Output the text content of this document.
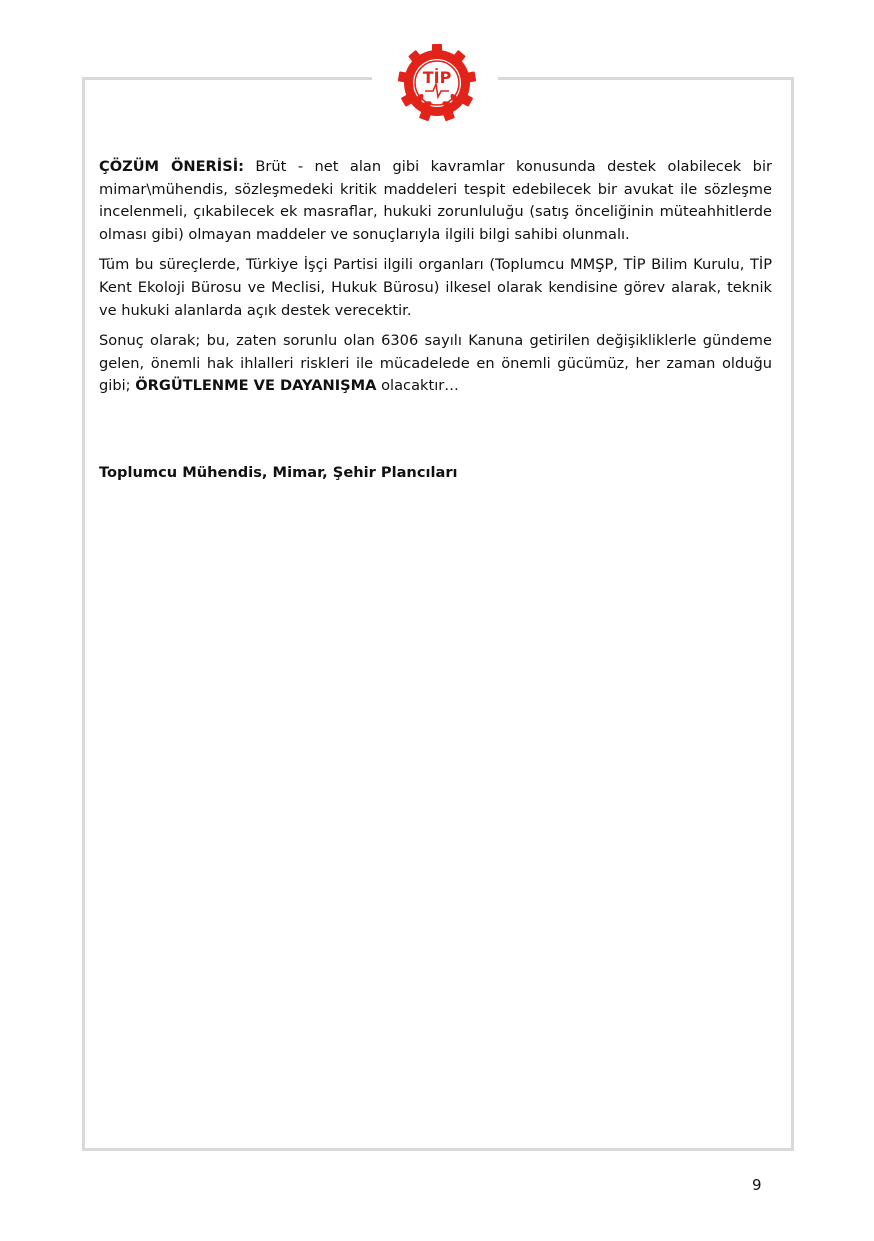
TİP

ÇÖZÜM ÖNERİSİ: Brüt - net alan gibi kavramlar konusunda destek olabilecek bir mimar\mühendis, sözleşmedeki kritik maddeleri tespit edebilecek bir avukat ile sözleşme incelenmeli, çıkabilecek ek masraflar, hukuki zorunluluğu (satış önceliğinin müteahhitlerde olması gibi) olmayan maddeler ve sonuçlarıyla ilgili bilgi sahibi olunmalı.

Tüm bu süreçlerde, Türkiye İşçi Partisi ilgili organları (Toplumcu MMŞP, TİP Bilim Kurulu, TİP Kent Ekoloji Bürosu ve Meclisi, Hukuk Bürosu) ilkesel olarak kendisine görev alarak, teknik ve hukuki alanlarda açık destek verecektir.

Sonuç olarak; bu, zaten sorunlu olan 6306 sayılı Kanuna getirilen değişikliklerle gündeme gelen, önemli hak ihlalleri riskleri ile mücadelede en önemli gücümüz, her zaman olduğu gibi; ÖRGÜTLENME VE DAYANIŞMA olacaktır…

Toplumcu Mühendis, Mimar, Şehir Plancıları

9
